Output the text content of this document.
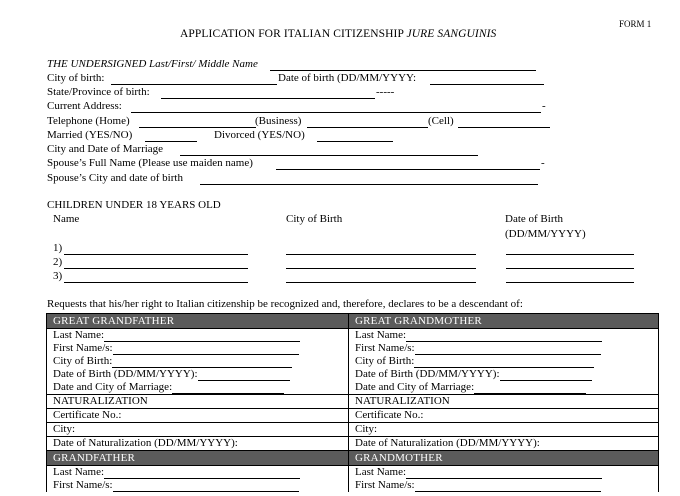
APPLICATION FOR ITALIAN CITIZENSHIP JURE SANGUINIS
FORM 1
THE UNDERSIGNED Last/First/ Middle Name
City of birth:	Date of birth (DD/MM/YYYY:
State/Province of birth:	-----
Current Address:	-
Telephone (Home)	(Business)	(Cell)
Married (YES/NO)	Divorced (YES/NO)
City and Date of Marriage
Spouse’s Full Name (Please use maiden name)	-
Spouse’s City and date of birth
CHILDREN UNDER 18 YEARS OLD
Name	City of Birth	Date of Birth
(DD/MM/YYYY)
1)
2)
3)
Requests that his/her right to Italian citizenship be recognized and, therefore, declares to be a descendant of:
GREAT GRANDFATHER	GREAT GRANDMOTHER
Last Name:	Last Name:
First Name/s:	First Name/s:
City of Birth:	City of Birth:
Date of Birth (DD/MM/YYYY):	Date of Birth (DD/MM/YYYY):
Date and City of Marriage:	Date and City of Marriage:
NATURALIZATION	NATURALIZATION
Certificate No.:	Certificate No.:
City:	City:
Date of Naturalization (DD/MM/YYYY):	Date of Naturalization (DD/MM/YYYY):
GRANDFATHER	GRANDMOTHER
Last Name:	Last Name:
First Name/s:	First Name/s:
